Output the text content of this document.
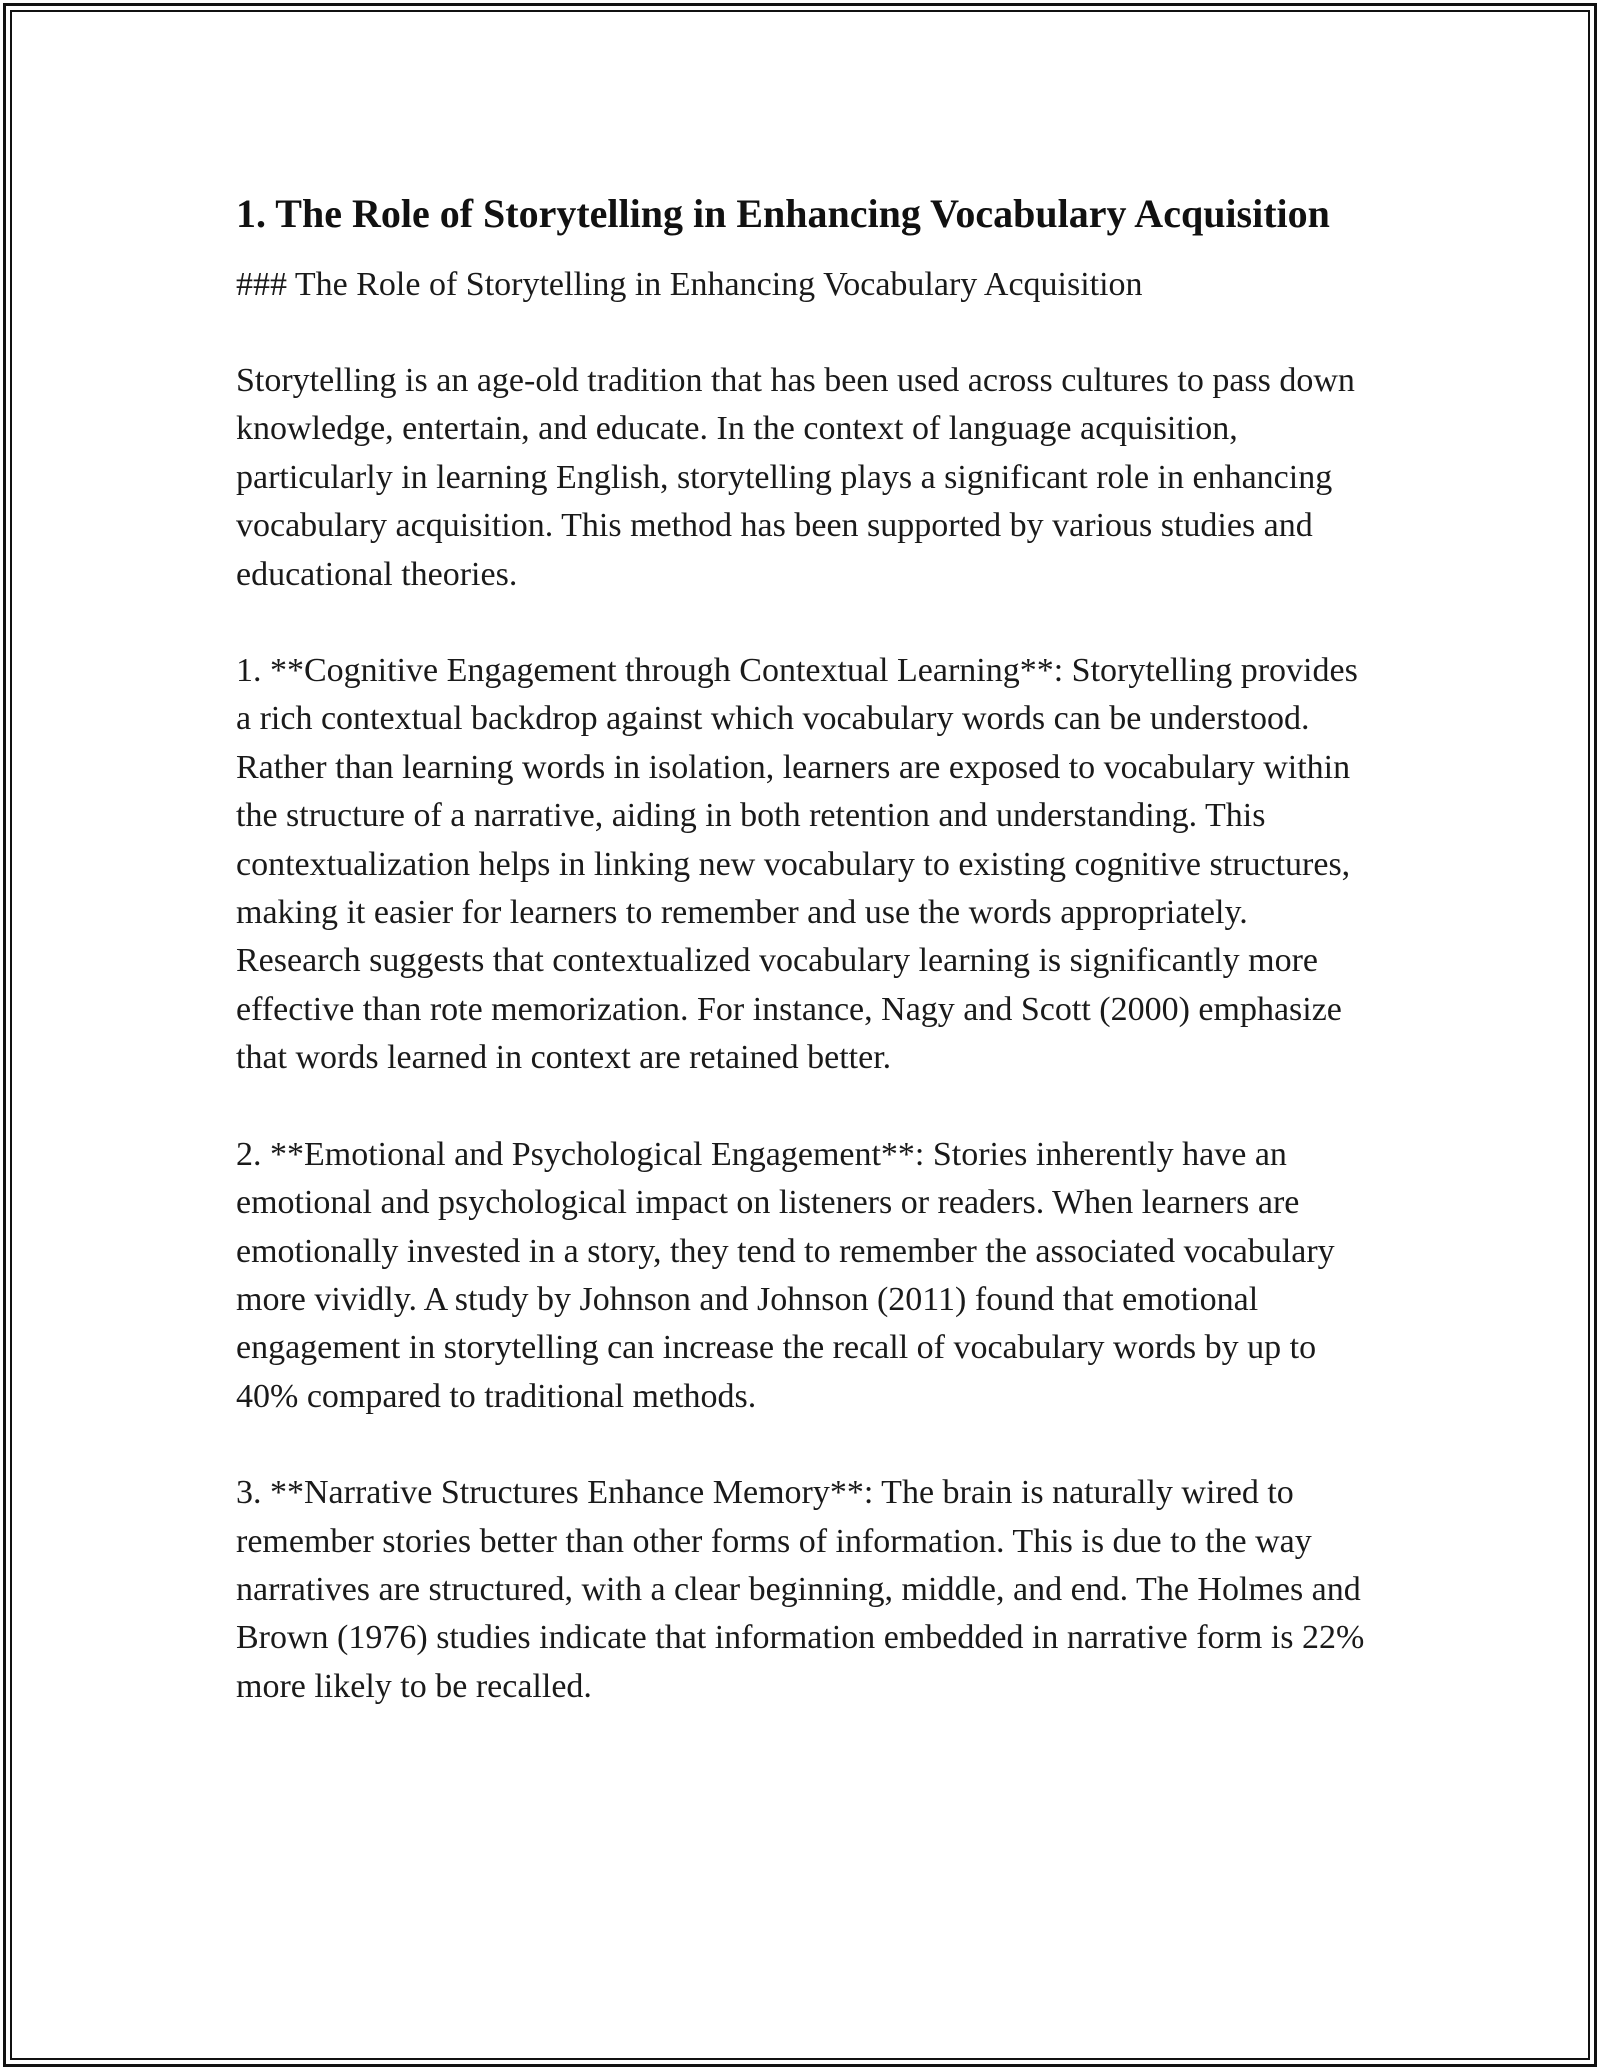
1. The Role of Storytelling in Enhancing Vocabulary Acquisition

### The Role of Storytelling in Enhancing Vocabulary Acquisition

Storytelling is an age-old tradition that has been used across cultures to pass down knowledge, entertain, and educate. In the context of language acquisition, particularly in learning English, storytelling plays a significant role in enhancing vocabulary acquisition. This method has been supported by various studies and educational theories.

1. **Cognitive Engagement through Contextual Learning**: Storytelling provides a rich contextual backdrop against which vocabulary words can be understood. Rather than learning words in isolation, learners are exposed to vocabulary within the structure of a narrative, aiding in both retention and understanding. This contextualization helps in linking new vocabulary to existing cognitive structures, making it easier for learners to remember and use the words appropriately. Research suggests that contextualized vocabulary learning is significantly more effective than rote memorization. For instance, Nagy and Scott (2000) emphasize that words learned in context are retained better.

2. **Emotional and Psychological Engagement**: Stories inherently have an emotional and psychological impact on listeners or readers. When learners are emotionally invested in a story, they tend to remember the associated vocabulary more vividly. A study by Johnson and Johnson (2011) found that emotional engagement in storytelling can increase the recall of vocabulary words by up to 40% compared to traditional methods.

3. **Narrative Structures Enhance Memory**: The brain is naturally wired to remember stories better than other forms of information. This is due to the way narratives are structured, with a clear beginning, middle, and end. The Holmes and Brown (1976) studies indicate that information embedded in narrative form is 22% more likely to be recalled.
